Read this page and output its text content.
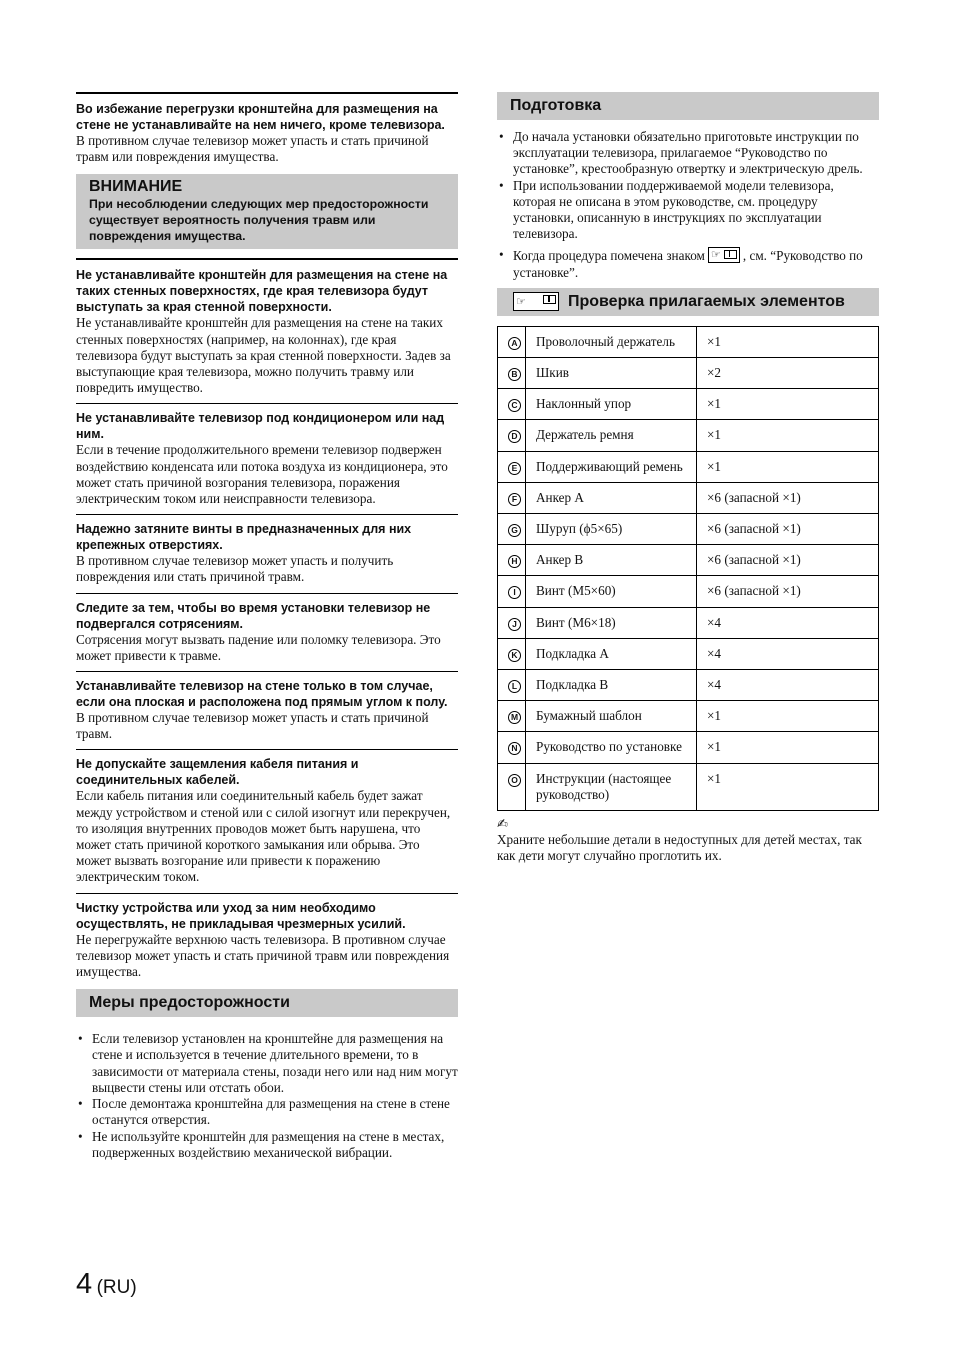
Во избежание перегрузки кронштейна для размещения на стене не устанавливайте на нем ничего, кроме телевизора.
В противном случае телевизор может упасть и стать причиной травм или повреждения имущества.
ВНИМАНИЕ
При несоблюдении следующих мер предосторожности существует вероятность получения травм или повреждения имущества.
Не устанавливайте кронштейн для размещения на стене на таких стенных поверхностях, где края телевизора будут выступать за края стенной поверхности.
Не устанавливайте кронштейн для размещения на стене на таких стенных поверхностях (например, на колоннах), где края телевизора будут выступать за края стенной поверхности. Задев за выступающие края телевизора, можно получить травму или повредить имущество.
Не устанавливайте телевизор под кондиционером или над ним.
Если в течение продолжительного времени телевизор подвержен воздействию конденсата или потока воздуха из кондиционера, это может стать причиной возгорания телевизора, поражения электрическим током или неисправности телевизора.
Надежно затяните винты в предназначенных для них крепежных отверстиях.
В противном случае телевизор может упасть и получить повреждения или стать причиной травм.
Следите за тем, чтобы во время установки телевизор не подвергался сотрясениям.
Сотрясения могут вызвать падение или поломку телевизора. Это может привести к травме.
Устанавливайте телевизор на стене только в том случае, если она плоская и расположена под прямым углом к полу.
В противном случае телевизор может упасть и стать причиной травм.
Не допускайте защемления кабеля питания и соединительных кабелей.
Если кабель питания или соединительный кабель будет зажат между устройством и стеной или с силой изогнут или перекручен, то изоляция внутренних проводов может быть нарушена, что может стать причиной короткого замыкания или обрыва. Это может вызвать возгорание или привести к поражению электрическим током.
Чистку устройства или уход за ним необходимо осуществлять, не прикладывая чрезмерных усилий.
Не перегружайте верхнюю часть телевизора. В противном случае телевизор может упасть и стать причиной травм или повреждения имущества.
Меры предосторожности
• Если телевизор установлен на кронштейне для размещения на стене и используется в течение длительного времени, то в зависимости от материала стены, позади него или над ним могут выцвести стены или отстать обои.
• После демонтажа кронштейна для размещения на стене в стене останутся отверстия.
• Не используйте кронштейн для размещения на стене в местах, подверженных воздействию механической вибрации.
Подготовка
• До начала установки обязательно приготовьте инструкции по эксплуатации телевизора, прилагаемое “Руководство по установке”, крестообразную отвертку и электрическую дрель.
• При использовании поддерживаемой модели телевизора, которая не описана в этом руководстве, см. процедуру установки, описанную в инструкциях по эксплуатации телевизора.
• Когда процедура помечена знаком ☞ , см. “Руководство по установке”.
☞	Проверка прилагаемых элементов
A	Проволочный держатель	×1
B	Шкив	×2
C	Наклонный упор	×1
D	Держатель ремня	×1
E	Поддерживающий ремень	×1
F	Анкер A	×6 (запасной ×1)
G	Шуруп (ϕ5×65)	×6 (запасной ×1)
H	Анкер B	×6 (запасной ×1)
I	Винт (M5×60)	×6 (запасной ×1)
J	Винт (M6×18)	×4
K	Подкладка A	×4
L	Подкладка B	×4
M	Бумажный шаблон	×1
N	Руководство по установке	×1
O	Инструкции (настоящее руководство)	×1
✍
Храните небольшие детали в недоступных для детей местах, так как дети могут случайно проглотить их.
4 (RU)
